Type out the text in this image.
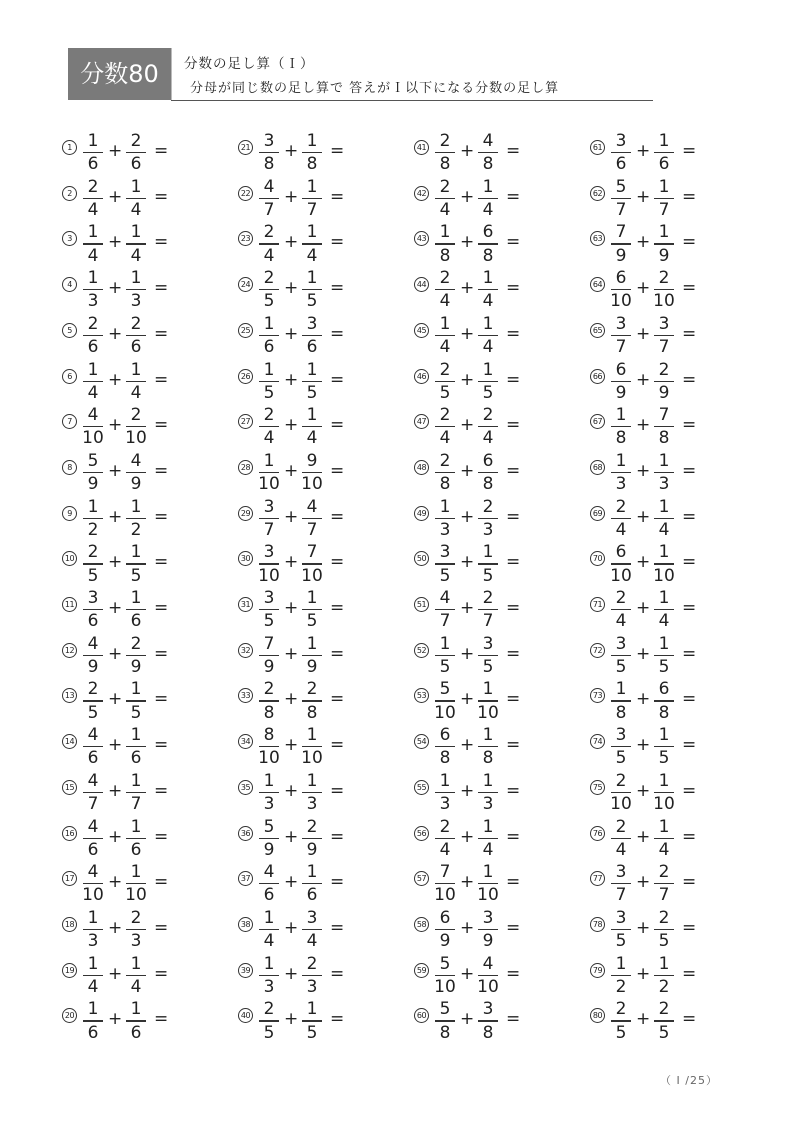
分数80	分数の足し算（Ｉ）
分母が同じ数の足し算で 答えがＩ以下になる分数の足し算
1 1
6
+ 2
6
=
2 2
4
+ 1
4
=
3 1
4
+ 1
4
=
4 1
3
+ 1
3
=
5 2
6
+ 2
6
=
6 1
4
+ 1
4
=
7 4
10
+ 2
10
=
8 5
9
+ 4
9
=
9 1
2
+ 1
2
=
10 2
5
+ 1
5
=
11 3
6
+ 1
6
=
12 4
9
+ 2
9
=
13 2
5
+ 1
5
=
14 4
6
+ 1
6
=
15 4
7
+ 1
7
=
16 4
6
+ 1
6
=
17 4
10
+ 1
10
=
18 1
3
+ 2
3
=
19 1
4
+ 1
4
=
20 1
6
+ 1
6
=
21 3
8
+ 1
8
=
22 4
7
+ 1
7
=
23 2
4
+ 1
4
=
24 2
5
+ 1
5
=
25 1
6
+ 3
6
=
26 1
5
+ 1
5
=
27 2
4
+ 1
4
=
28 1
10
+ 9
10
=
29 3
7
+ 4
7
=
30 3
10
+ 7
10
=
31 3
5
+ 1
5
=
32 7
9
+ 1
9
=
33 2
8
+ 2
8
=
34 8
10
+ 1
10
=
35 1
3
+ 1
3
=
36 5
9
+ 2
9
=
37 4
6
+ 1
6
=
38 1
4
+ 3
4
=
39 1
3
+ 2
3
=
40 2
5
+ 1
5
=
41 2
8
+ 4
8
=
42 2
4
+ 1
4
=
43 1
8
+ 6
8
=
44 2
4
+ 1
4
=
45 1
4
+ 1
4
=
46 2
5
+ 1
5
=
47 2
4
+ 2
4
=
48 2
8
+ 6
8
=
49 1
3
+ 2
3
=
50 3
5
+ 1
5
=
51 4
7
+ 2
7
=
52 1
5
+ 3
5
=
53 5
10
+ 1
10
=
54 6
8
+ 1
8
=
55 1
3
+ 1
3
=
56 2
4
+ 1
4
=
57 7
10
+ 1
10
=
58 6
9
+ 3
9
=
59 5
10
+ 4
10
=
60 5
8
+ 3
8
=
61 3
6
+ 1
6
=
62 5
7
+ 1
7
=
63 7
9
+ 1
9
=
64 6
10
+ 2
10
=
65 3
7
+ 3
7
=
66 6
9
+ 2
9
=
67 1
8
+ 7
8
=
68 1
3
+ 1
3
=
69 2
4
+ 1
4
=
70 6
10
+ 1
10
=
71 2
4
+ 1
4
=
72 3
5
+ 1
5
=
73 1
8
+ 6
8
=
74 3
5
+ 1
5
=
75 2
10
+ 1
10
=
76 2
4
+ 1
4
=
77 3
7
+ 2
7
=
78 3
5
+ 2
5
=
79 1
2
+ 1
2
=
80 2
5
+ 2
5
=
（ I /25）
